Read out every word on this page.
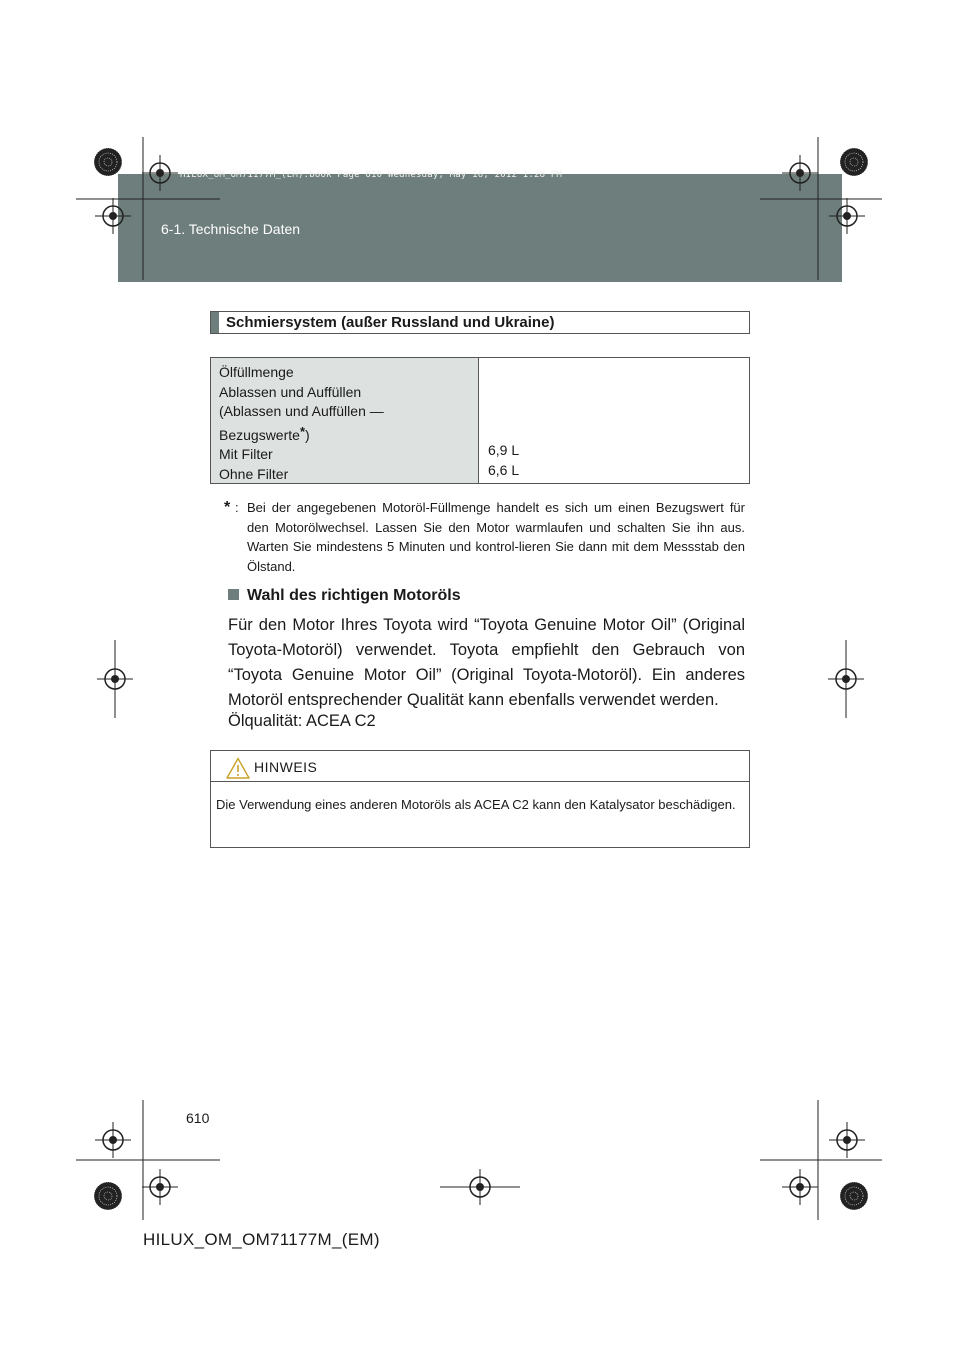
HILUX_OM_OM71177M_(EM).book Page 610 Wednesday, May 16, 2012 1:28 PM
6-1. Technische Daten
Schmiersystem (außer Russland und Ukraine)
Ölfüllmenge
Ablassen und Auffüllen
(Ablassen und Auffüllen —
Bezugswerte*)
Mit Filter
Ohne Filter
6,9 L
6,6 L
* : Bei der angegebenen Motoröl-Füllmenge handelt es sich um einen Bezugswert für den Motorölwechsel. Lassen Sie den Motor warmlaufen und schalten Sie ihn aus. Warten Sie mindestens 5 Minuten und kontrol-lieren Sie dann mit dem Messstab den Ölstand.
Wahl des richtigen Motoröls
Für den Motor Ihres Toyota wird “Toyota Genuine Motor Oil” (Original Toyota-Motoröl) verwendet. Toyota empfiehlt den Gebrauch von “Toyota Genuine Motor Oil” (Original Toyota-Motoröl). Ein anderes Motoröl entsprechender Qualität kann ebenfalls verwendet werden.
Ölqualität: ACEA C2
HINWEIS
Die Verwendung eines anderen Motoröls als ACEA C2 kann den Katalysator beschädigen.
610
HILUX_OM_OM71177M_(EM)
